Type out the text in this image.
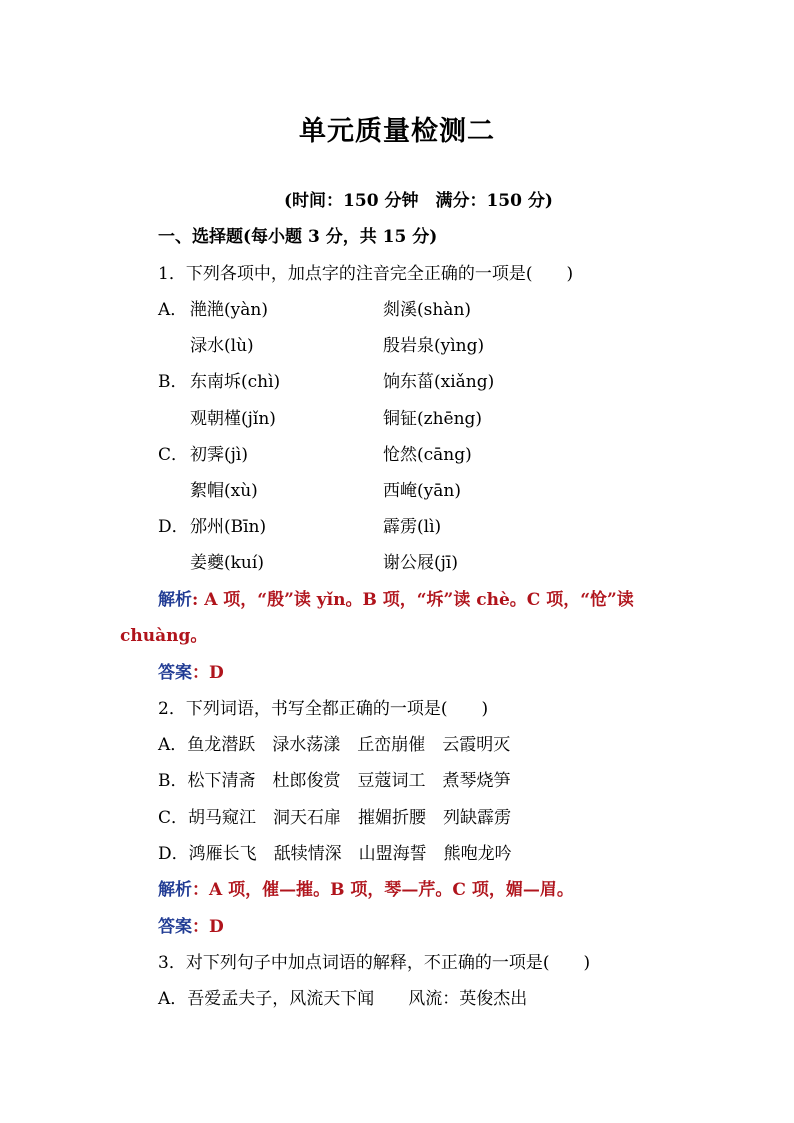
单元质量检测二
(时间：150 分钟　满分：150 分)
一、选择题(每小题 3 分，共 15 分)
1．下列各项中，加点字的注音完全正确的一项是(　　)
A． 滟滟(yàn)	剡溪(shàn)
渌水(lù)	殷岩泉(yìng)
B． 东南坼(chì)	饷东菑(xiǎng)
观朝槿(jǐn)	铜钲(zhēng)
C． 初霁(jì)	怆然(cāng)
絮帽(xù)	西崦(yān)
D． 邠州(Bīn)	霹雳(lì)
姜夔(kuí)	谢公屐(jī)
解析: A 项，“殷”读 yǐn。B 项，“坼”读 chè。C 项，“怆”读
chuàng。
答案：D
2．下列词语，书写全都正确的一项是(　　)
A．鱼龙潜跃　渌水荡漾　丘峦崩催　云霞明灭
B．松下清斋　杜郎俊赏　豆蔻词工　煮琴烧笋
C．胡马窥江　洞天石扉　摧媚折腰　列缺霹雳
D．鸿雁长飞　舐犊情深　山盟海誓　熊咆龙吟
解析：A 项，催—摧。B 项，琴—芹。C 项，媚—眉。
答案：D
3．对下列句子中加点词语的解释，不正确的一项是(　　)
A．吾爱孟夫子，风流天下闻　　风流：英俊杰出
